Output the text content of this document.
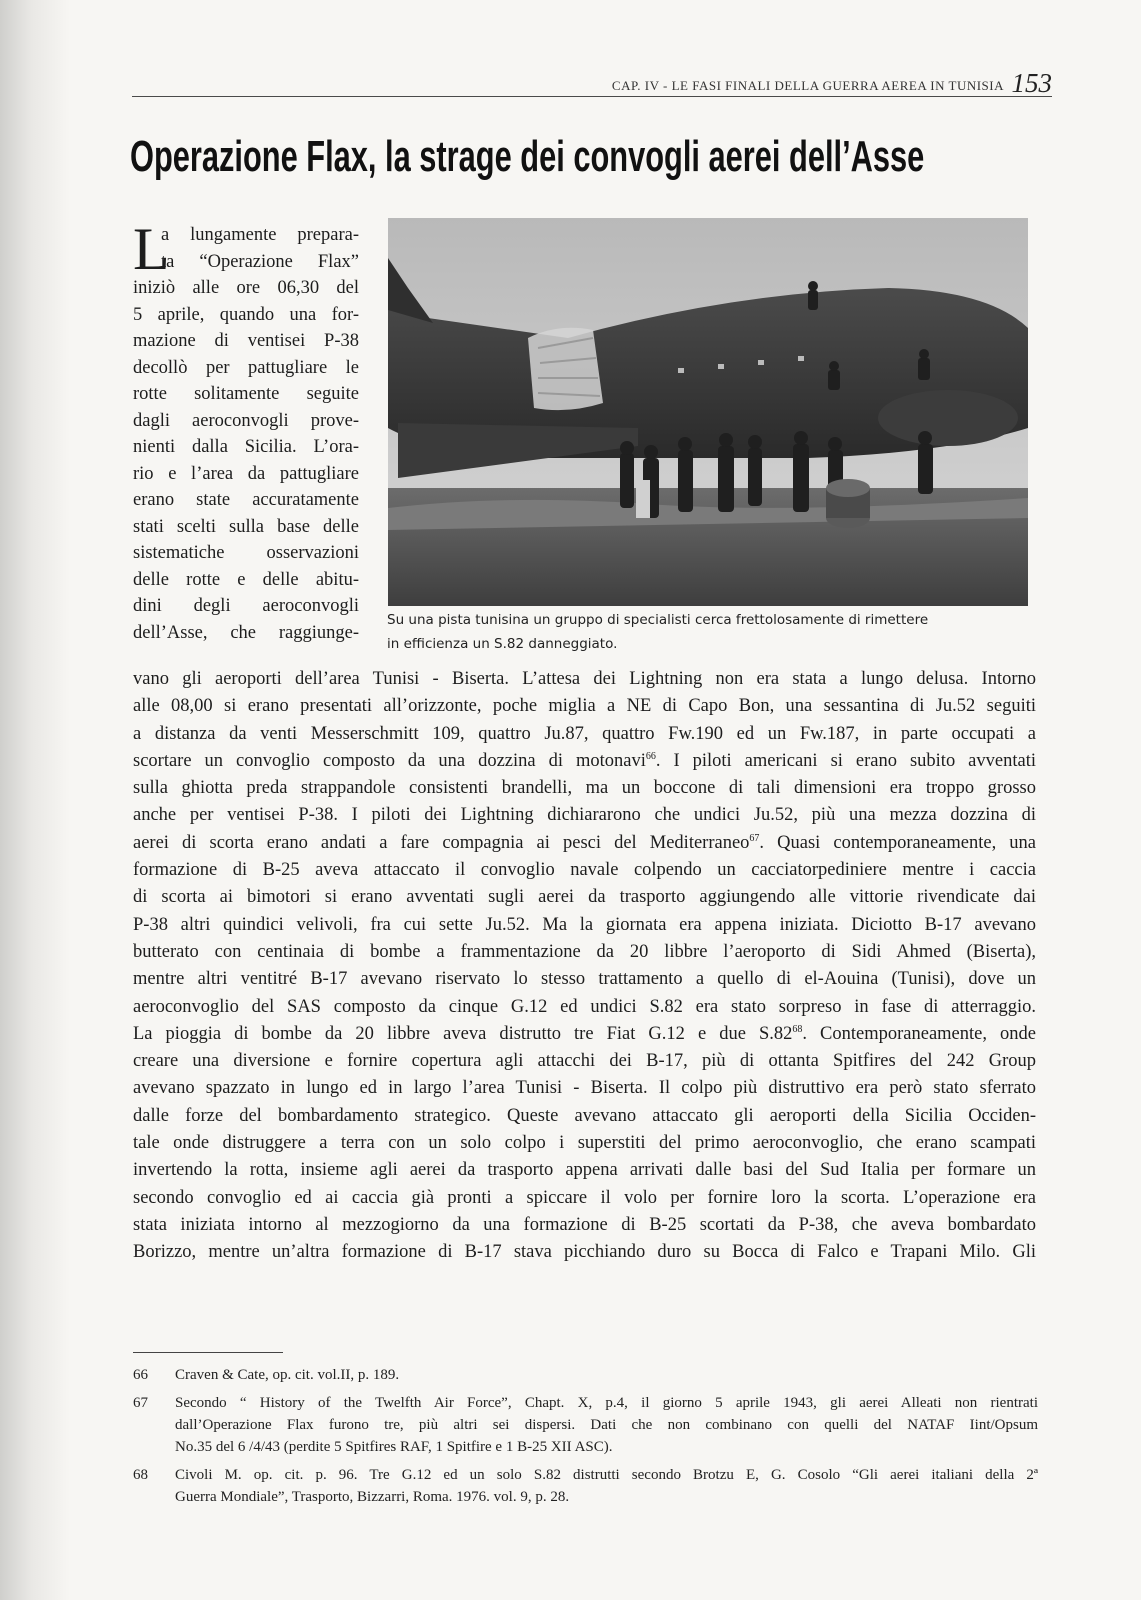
CAP. IV - LE FASI FINALI DELLA GUERRA AEREA IN TUNISIA 153
Operazione Flax, la strage dei convogli aerei dell’Asse
Su una pista tunisina un gruppo di specialisti cerca frettolosamente di rimettere
in efficienza un S.82 danneggiato.
L
a lungamente prepara-
ta “Operazione Flax”
iniziò alle ore 06,30 del
5 aprile, quando una for-
mazione di ventisei P-38
decollò per pattugliare le
rotte solitamente seguite
dagli aeroconvogli prove-
nienti dalla Sicilia. L’ora-
rio e l’area da pattugliare
erano state accuratamente
stati scelti sulla base delle
sistematiche osservazioni
delle rotte e delle abitu-
dini degli aeroconvogli
dell’Asse, che raggiunge-
vano gli aeroporti dell’area Tunisi - Biserta. L’attesa dei Lightning non era stata a lungo delusa. Intorno
alle 08,00 si erano presentati all’orizzonte, poche miglia a NE di Capo Bon, una sessantina di Ju.52 seguiti
a distanza da venti Messerschmitt 109, quattro Ju.87, quattro Fw.190 ed un Fw.187, in parte occupati a
scortare un convoglio composto da una dozzina di motonavi$^{66}$. I piloti americani si erano subito avventati
sulla ghiotta preda strappandole consistenti brandelli, ma un boccone di tali dimensioni era troppo grosso
anche per ventisei P-38. I piloti dei Lightning dichiararono che undici Ju.52, più una mezza dozzina di
aerei di scorta erano andati a fare compagnia ai pesci del Mediterraneo$^{67}$. Quasi contemporaneamente, una
formazione di B-25 aveva attaccato il convoglio navale colpendo un cacciatorpediniere mentre i caccia
di scorta ai bimotori si erano avventati sugli aerei da trasporto aggiungendo alle vittorie rivendicate dai
P-38 altri quindici velivoli, fra cui sette Ju.52. Ma la giornata era appena iniziata. Diciotto B-17 avevano
butterato con centinaia di bombe a frammentazione da 20 libbre l’aeroporto di Sidi Ahmed (Biserta),
mentre altri ventitré B-17 avevano riservato lo stesso trattamento a quello di el-Aouina (Tunisi), dove un
aeroconvoglio del SAS composto da cinque G.12 ed undici S.82 era stato sorpreso in fase di atterraggio.
La pioggia di bombe da 20 libbre aveva distrutto tre Fiat G.12 e due $S.82^{68}$. Contemporaneamente, onde
creare una diversione e fornire copertura agli attacchi dei B-17, più di ottanta Spitfires del 242 Group
avevano spazzato in lungo ed in largo l’area Tunisi - Biserta. Il colpo più distruttivo era però stato sferrato
dalle forze del bombardamento strategico. Queste avevano attaccato gli aeroporti della Sicilia Occiden-
tale onde distruggere a terra con un solo colpo i superstiti del primo aeroconvoglio, che erano scampati
invertendo la rotta, insieme agli aerei da trasporto appena arrivati dalle basi del Sud Italia per formare un
secondo convoglio ed ai caccia già pronti a spiccare il volo per fornire loro la scorta. L’operazione era
stata iniziata intorno al mezzogiorno da una formazione di B-25 scortati da P-38, che aveva bombardato
Borizzo, mentre un’altra formazione di B-17 stava picchiando duro su Bocca di Falco e Trapani Milo. Gli
66 Craven & Cate, op. cit. vol.II, p. 189.
67 Secondo “ History of the Twelfth Air Force”, Chapt. X, p.4, il giorno 5 aprile 1943, gli aerei Alleati non rientrati
dall’Operazione Flax furono tre, più altri sei dispersi. Dati che non combinano con quelli del NATAF Iint/Opsum
No.35 del 6 /4/43 (perdite 5 Spitfires RAF, 1 Spitfire e 1 B-25 XII ASC).
68 Civoli M. op. cit. p. 96. Tre G.12 ed un solo S.82 distrutti secondo Brotzu E, G. Cosolo “Gli aerei italiani della 2ª
Guerra Mondiale”, Trasporto, Bizzarri, Roma. 1976. vol. 9, p. 28.
